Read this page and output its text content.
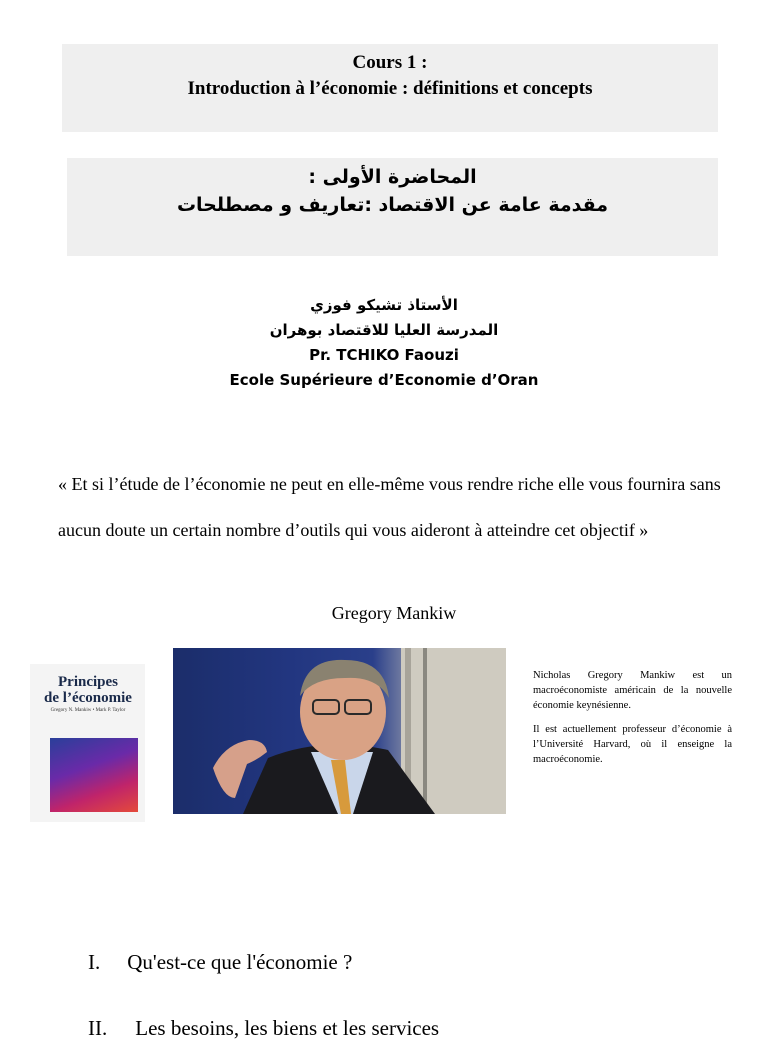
Cours 1 :
Introduction à l’économie : définitions et concepts
المحاضرة الأولى :
مقدمة عامة عن الاقتصاد :تعاريف و مصطلحات
الأستاذ تشيكو فوزي
المدرسة العليا للاقتصاد بوهران
Pr. TCHIKO Faouzi
Ecole Supérieure d’Economie d’Oran
« Et si l’étude de l’économie ne peut en elle-même vous rendre riche elle vous fournira sans aucun doute un certain nombre d’outils qui vous aideront à atteindre cet objectif »
Gregory Mankiw
Principes
de l’économie
Gregory N. Mankiw • Mark P. Taylor

Nicholas Gregory Mankiw est un macroéconomiste américain de la nouvelle économie keynésienne.

Il est actuellement professeur d’économie à l’Université Harvard, où il enseigne la macroéconomie.

I. Qu'est-ce que l'économie ?
II. Les besoins, les biens et les services
